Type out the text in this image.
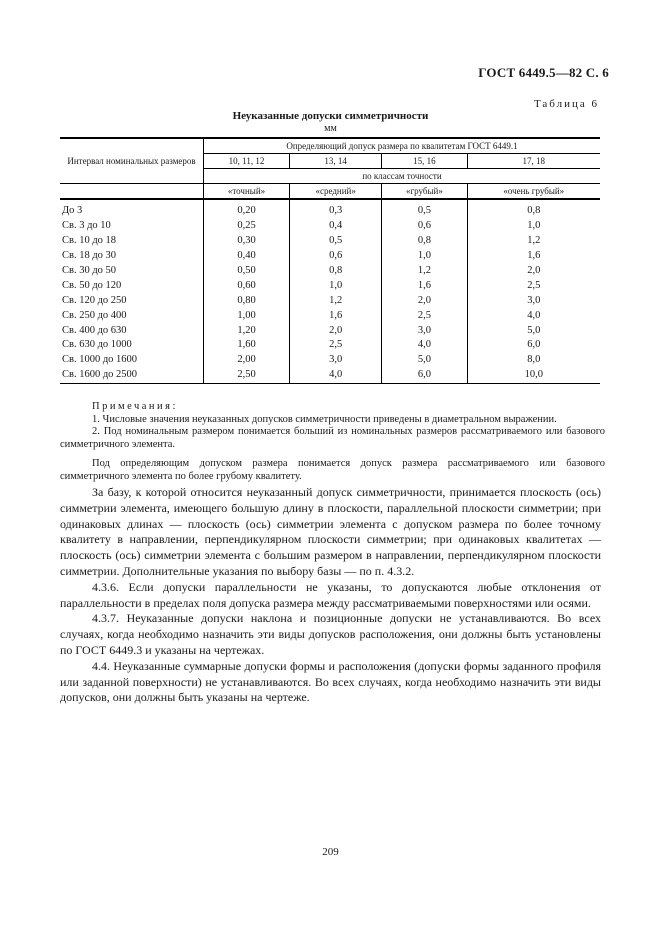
ГОСТ 6449.5—82 С. 6
Таблица 6
Неуказанные допуски симметричности
мм
Интервал номинальных размеров	Определяющий допуск размера по квалитетам ГОСТ 6449.1			
	10, 11, 12	13, 14	15, 16	17, 18
	по классам точности			
	«точный»	«средний»	«грубый»	«очень грубый»
До 3	0,20	0,3	0,5	0,8
Св. 3 до 10	0,25	0,4	0,6	1,0
Св. 10 до 18	0,30	0,5	0,8	1,2
Св. 18 до 30	0,40	0,6	1,0	1,6
Св. 30 до 50	0,50	0,8	1,2	2,0
Св. 50 до 120	0,60	1,0	1,6	2,5
Св. 120 до 250	0,80	1,2	2,0	3,0
Св. 250 до 400	1,00	1,6	2,5	4,0
Св. 400 до 630	1,20	2,0	3,0	5,0
Св. 630 до 1000	1,60	2,5	4,0	6,0
Св. 1000 до 1600	2,00	3,0	5,0	8,0
Св. 1600 до 2500	2,50	4,0	6,0	10,0

Примечания:

1. Числовые значения неуказанных допусков симметричности приведены в диаметральном выражении.

2. Под номинальным размером понимается больший из номинальных размеров рассматриваемого или базового симметричного элемента.

Под определяющим допуском размера понимается допуск размера рассматриваемого или базового симметричного элемента по более грубому квалитету.

За базу, к которой относится неуказанный допуск симметричности, принимается плоскость (ось) симметрии элемента, имеющего большую длину в плоскости, параллельной плоскости симметрии; при одинаковых длинах — плоскость (ось) симметрии элемента с допуском размера по более точному квалитету в направлении, перпендикулярном плоскости симметрии; при одинаковых квалитетах — плоскость (ось) симметрии элемента с большим размером в направлении, перпендикулярном плоскости симметрии. Дополнительные указания по выбору базы — по п. 4.3.2.

4.3.6. Если допуски параллельности не указаны, то допускаются любые отклонения от параллельности в пределах поля допуска размера между рассматриваемыми поверхностями или осями.

4.3.7. Неуказанные допуски наклона и позиционные допуски не устанавливаются. Во всех случаях, когда необходимо назначить эти виды допусков расположения, они должны быть установлены по ГОСТ 6449.3 и указаны на чертежах.

4.4. Неуказанные суммарные допуски формы и расположения (допуски формы заданного профиля или заданной поверхности) не устанавливаются. Во всех случаях, когда необходимо назначить эти виды допусков, они должны быть указаны на чертеже.

209
